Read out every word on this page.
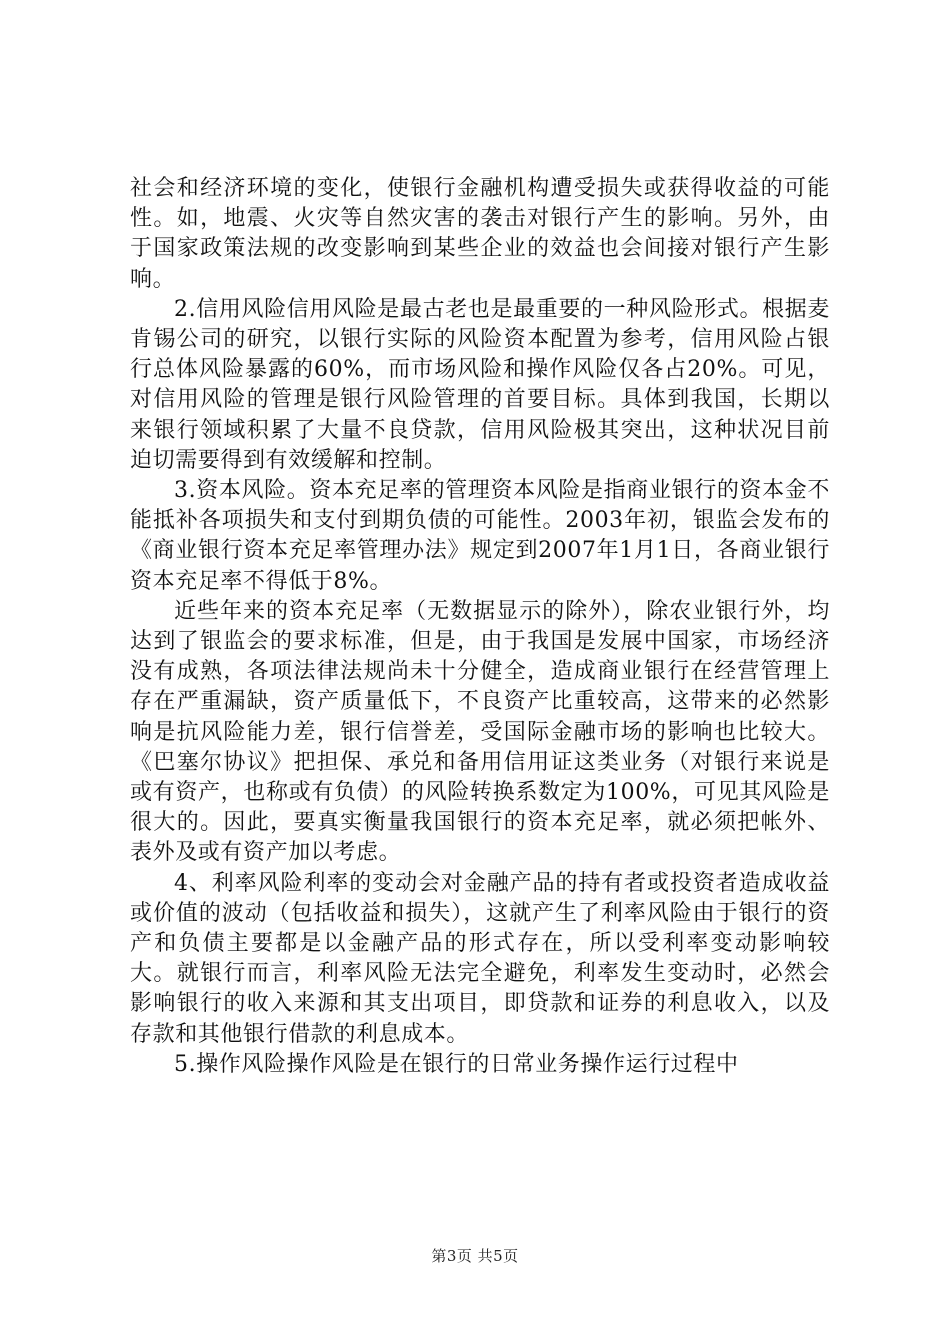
社会和经济环境的变化，使银行金融机构遭受损失或获得收益的可能性。如，地震、火灾等自然灾害的袭击对银行产生的影响。另外，由于国家政策法规的改变影响到某些企业的效益也会间接对银行产生影响。

2.信用风险信用风险是最古老也是最重要的一种风险形式。根据麦肯锡公司的研究，以银行实际的风险资本配置为参考，信用风险占银行总体风险暴露的60%，而市场风险和操作风险仅各占20%。可见，对信用风险的管理是银行风险管理的首要目标。具体到我国，长期以来银行领域积累了大量不良贷款，信用风险极其突出，这种状况目前迫切需要得到有效缓解和控制。

3.资本风险。资本充足率的管理资本风险是指商业银行的资本金不能抵补各项损失和支付到期负债的可能性。2003年初，银监会发布的《商业银行资本充足率管理办法》规定到2007年1月1日，各商业银行资本充足率不得低于8%。

近些年来的资本充足率（无数据显示的除外），除农业银行外，均达到了银监会的要求标准，但是，由于我国是发展中国家，市场经济没有成熟，各项法律法规尚未十分健全，造成商业银行在经营管理上存在严重漏缺，资产质量低下，不良资产比重较高，这带来的必然影响是抗风险能力差，银行信誉差，受国际金融市场的影响也比较大。《巴塞尔协议》把担保、承兑和备用信用证这类业务（对银行来说是或有资产，也称或有负债）的风险转换系数定为100%，可见其风险是很大的。因此，要真实衡量我国银行的资本充足率，就必须把帐外、表外及或有资产加以考虑。

4、利率风险利率的变动会对金融产品的持有者或投资者造成收益或价值的波动（包括收益和损失），这就产生了利率风险由于银行的资产和负债主要都是以金融产品的形式存在，所以受利率变动影响较大。就银行而言，利率风险无法完全避免，利率发生变动时，必然会影响银行的收入来源和其支出项目，即贷款和证券的利息收入，以及存款和其他银行借款的利息成本。

5.操作风险操作风险是在银行的日常业务操作运行过程中

第3页 共5页
